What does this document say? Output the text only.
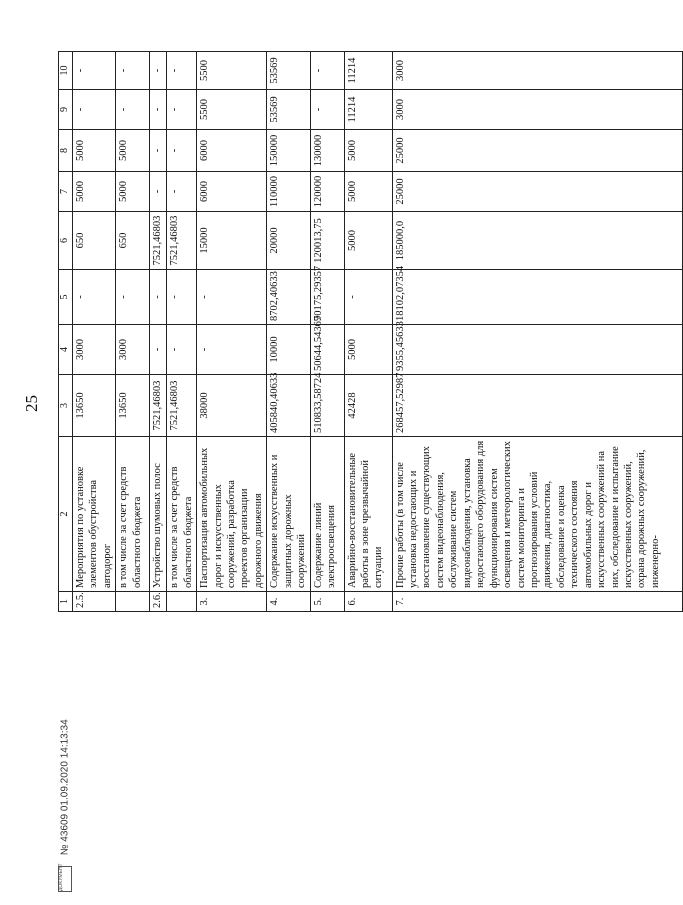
25
1	2	3	4	5	6	7	8	9	10
2.5.	Мероприятия по установке элементов обустройства автодорог	13650	3000	-	650	5000	5000	-	-
	в том числе за счет средств областного бюджета	13650	3000	-	650	5000	5000	-	-
2.6.	Устройство шумовых полос	7521,46803	-	-	7521,46803	-	-	-	-
	в том числе за счет средств областного бюджета	7521,46803	-	-	7521,46803	-	-	-	-
3.	Паспортизация автомобильных дорог и искусственных сооружений, разработка проектов организации дорожного движения	38000	-	-	15000	6000	6000	5500	5500
4.	Содержание искусственных и защитных дорожных сооружений	405840,40633	10000	8702,40633	20000	110000	150000	53569	53569
5.	Содержание линий электроосвещения	510833,58724	50644,54367	90175,29357	120013,75	120000	130000	-	-
6.	Аварийно-восстановительные работы в зоне чрезвычайной ситуации	42428	5000	-	5000	5000	5000	11214	11214
7.	Прочие работы (в том числе установка недостающих и восстановление существующих систем видеонаблюдения, обслуживание систем видеонаблюдения, установка недостающего оборудования для функционирования систем освещения и метеорологических систем мониторинга и прогнозирования условий движения, диагностика, обследование и оценка технического состояния автомобильных дорог и искусственных сооружений на них, обследование и испытание искусственных сооружений, охрана дорожных сооружений, инженерно-	268457,52987	9355,45633	18102,07354	185000,0	25000	25000	3000	3000
ДОКУМЕНТ № 43609 01.09.2020 14:13:34
